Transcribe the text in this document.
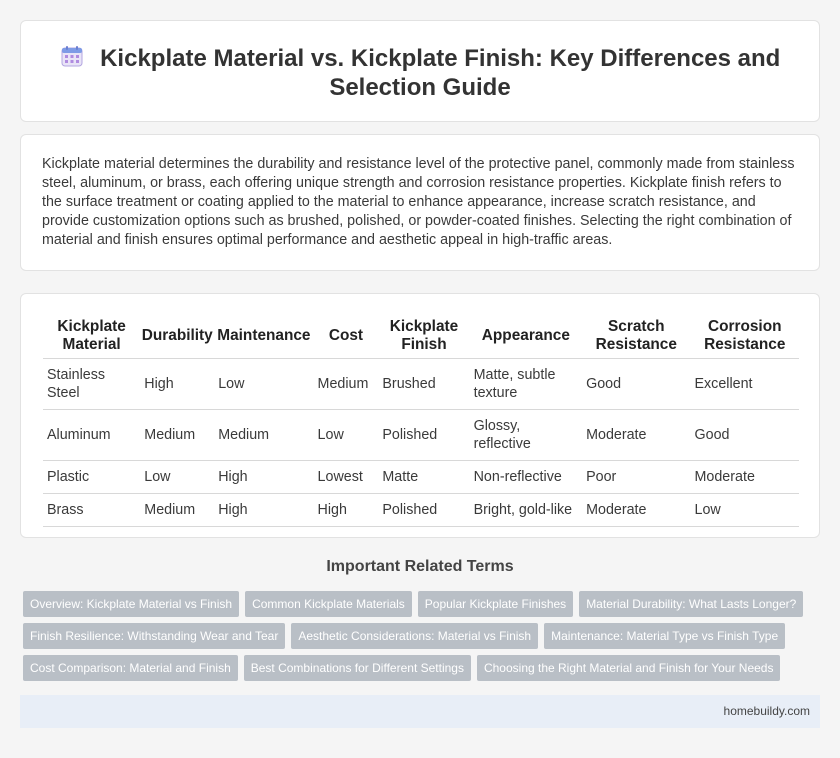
Kickplate Material vs. Kickplate Finish: Key Differences and Selection Guide

Kickplate material determines the durability and resistance level of the protective panel, commonly made from stainless steel, aluminum, or brass, each offering unique strength and corrosion resistance properties. Kickplate finish refers to the surface treatment or coating applied to the material to enhance appearance, increase scratch resistance, and provide customization options such as brushed, polished, or powder-coated finishes. Selecting the right combination of material and finish ensures optimal performance and aesthetic appeal in high-traffic areas.

Kickplate Material	Durability	Maintenance	Cost	Kickplate Finish	Appearance	Scratch Resistance	Corrosion Resistance
Stainless Steel	High	Low	Medium	Brushed	Matte, subtle texture	Good	Excellent
Aluminum	Medium	Medium	Low	Polished	Glossy, reflective	Moderate	Good
Plastic	Low	High	Lowest	Matte	Non-reflective	Poor	Moderate
Brass	Medium	High	High	Polished	Bright, gold-like	Moderate	Low
Important Related Terms
Overview: Kickplate Material vs Finish Common Kickplate Materials Popular Kickplate Finishes Material Durability: What Lasts Longer?
Finish Resilience: Withstanding Wear and Tear Aesthetic Considerations: Material vs Finish Maintenance: Material Type vs Finish Type
Cost Comparison: Material and Finish Best Combinations for Different Settings Choosing the Right Material and Finish for Your Needs
homebuildy.com
